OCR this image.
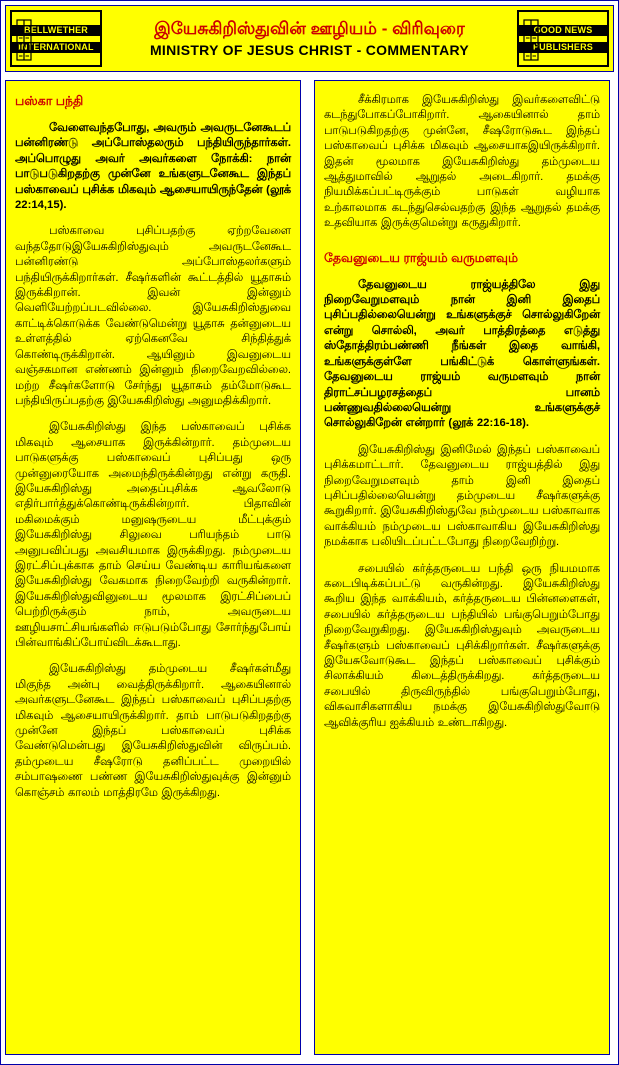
BELLWETHER
INTERNATIONAL
இயேசுகிறிஸ்துவின் ஊழியம் - விரிவுரை
MINISTRY OF JESUS CHRIST - COMMENTARY
GOOD NEWS
PUBLISHERS
பஸ்கா பந்தி

வேளைவந்தபோது, அவரும் அவருடனேகூடப் பன்னிரண்டு அப்போஸ்தலரும் பந்தியிருந்தார்கள். அப்பொழுது அவர் அவர்களை நோக்கி: நான் பாடுபடுகிறதற்கு முன்னே உங்களுடனேகூட இந்தப் பஸ்காவைப் புசிக்க மிகவும் ஆசையாயிருந்தேன் (லூக் 22:14,15).

பஸ்காவை புசிப்பதற்கு ஏற்றவேளை வந்ததோடுஇயேசுகிறிஸ்துவும் அவருடனேகூட பன்னிரண்டு அப்போஸ்தலர்களும் பந்தியிருக்கிறார்கள். சீஷர்களின் கூட்டத்தில் யூதாசும் இருக்கிறான். இவன் இன்னும் வெளியேற்றப்படவில்லை. இயேசுகிறிஸ்துவை காட்டிக்கொடுக்க வேண்டுமென்று யூதாசு தன்னுடைய உள்ளத்தில் ஏற்கெனவே சிந்தித்துக் கொண்டிருக்கிறான். ஆயினும் இவனுடைய வஞ்சகமான எண்ணம் இன்னும் நிறைவேறவில்லை. மற்ற சீஷர்களோடு சேர்ந்து யூதாசும் தம்மோடுகூட பந்தியிருப்பதற்கு இயேசுகிறிஸ்து அனுமதிக்கிறார்.

இயேசுகிறிஸ்து இந்த பஸ்காவைப் புசிக்க மிகவும் ஆசையாக இருக்கின்றார். தம்முடைய பாடுகளுக்கு பஸ்காவைப் புசிப்பது ஒரு முன்னுரையோக அமைந்திருக்கின்றது என்று கருதி. இயேசுகிறிஸ்து அதைப்புசிக்க ஆவலோடு எதிர்பார்த்துக்கொண்டிருக்கின்றார். பிதாவின் மகிமைக்கும் மனுஷருடைய மீட்புக்கும் இயேசுகிறிஸ்து சிலுவை பரியந்தம் பாடு அனுபவிப்பது அவசியமாக இருக்கிறது. நம்முடைய இரட்சிப்புக்காக தாம் செய்ய வேண்டிய காரியங்களை இயேசுகிறிஸ்து வேகமாக நிறைவேற்றி வருகின்றார். இயேசுகிறிஸ்துவினுடைய மூலமாக இரட்சிப்பைப் பெற்றிருக்கும் நாம், அவருடைய ஊழியசாட்சியங்களில் ஈடுபடும்போது சோர்ந்துபோய் பின்வாங்கிப்போய்விடக்கூடாது.

இயேசுகிறிஸ்து தம்முடைய சீஷர்கள்மீது மிகுந்த அன்பு வைத்திருக்கிறார். ஆகையினால் அவர்களுடனேகூட இந்தப் பஸ்காவைப் புசிப்பதற்கு மிகவும் ஆசையாயிருக்கிறார். தாம் பாடுபடுகிறதற்கு முன்னே இந்தப் பஸ்காவைப் புசிக்க வேண்டுமென்பது இயேசுகிறிஸ்துவின் விருப்பம். தம்முடைய சீஷரோடு தனிப்பட்ட முறையில் சம்பாஷணை பண்ண இயேசுகிறிஸ்துவுக்கு இன்னும் கொஞ்சம் காலம் மாத்திரமே இருக்கிறது.

சீக்கிரமாக இயேசுகிறிஸ்து இவர்களைவிட்டு கடந்துபோகப்போகிறார். ஆகையினால் தாம் பாடுபடுகிறதற்கு முன்னே, சீஷரோடுகூட இந்தப் பஸ்காவைப் புசிக்க மிகவும் ஆசையாகஇயிருக்கிறார். இதன் மூலமாக இயேசுகிறிஸ்து தம்முடைய ஆத்துமாவில் ஆறுதல் அடைகிறார். தமக்கு நியமிக்கப்பட்டிருக்கும் பாடுகள் வழியாக உற்காலமாக கடந்துசெல்வதற்கு இந்த ஆறுதல் தமக்கு உதவியாக இருக்குமென்று கருதுகிறார்.

தேவனுடைய ராஜ்யம் வருமளவும்

தேவனுடைய ராஜ்யத்திலே இது நிறைவேறுமளவும் நான் இனி இதைப் புசிப்பதில்லையென்று உங்களுக்குச் சொல்லுகிறேன் என்று சொல்லி, அவர் பாத்திரத்தை எடுத்து ஸ்தோத்திரம்பண்ணி நீங்கள் இதை வாங்கி, உங்களுக்குள்ளே பங்கிட்டுக் கொள்ளுங்கள். தேவனுடைய ராஜ்யம் வருமளவும் நான் திராட்சப்பழரசத்தைப் பானம் பண்ணுவதில்லையென்று உங்களுக்குச் சொல்லுகிறேன் என்றார் (லூக் 22:16-18).

இயேசுகிறிஸ்து இனிமேல் இந்தப் பஸ்காவைப் புசிக்கமாட்டார். தேவனுடைய ராஜ்யத்தில் இது நிறைவேறுமளவும் தாம் இனி இதைப் புசிப்பதில்லையென்று தம்முடைய சீஷர்களுக்கு கூறுகிறார். இயேசுகிறிஸ்துவே நம்முடைய பஸ்காவாக வாக்கியம் நம்முடைய பஸ்காவாகிய இயேசுகிறிஸ்து நமக்காக பலியிடப்பட்டபோது நிறைவேறிற்று.

சபையில் கர்த்தருடைய பந்தி ஒரு நியமமாக கடைபிடிக்கப்பட்டு வருகின்றது. இயேசுகிறிஸ்து கூறிய இந்த வாக்கியம், கர்த்தருடைய பின்னளைகள், சபையில் கர்த்தருடைய பந்தியில் பங்குபெறும்போது நிறைவேறுகிறது. இயேசுகிறிஸ்துவும் அவருடைய சீஷர்களும் பஸ்காவைப் புசிக்கிறார்கள். சீஷர்களுக்கு இயேசுவோடுகூட இந்தப் பஸ்காவைப் புசிக்கும் சிலாக்கியம் கிடைத்திருக்கிறது. கர்த்தருடைய சபையில் திருவிருந்தில் பங்குபெறும்போது, விசுவாசிகளாகிய நமக்கு இயேசுகிறிஸ்துவோடு ஆவிக்குரிய ஐக்கியம் உண்டாகிறது.
